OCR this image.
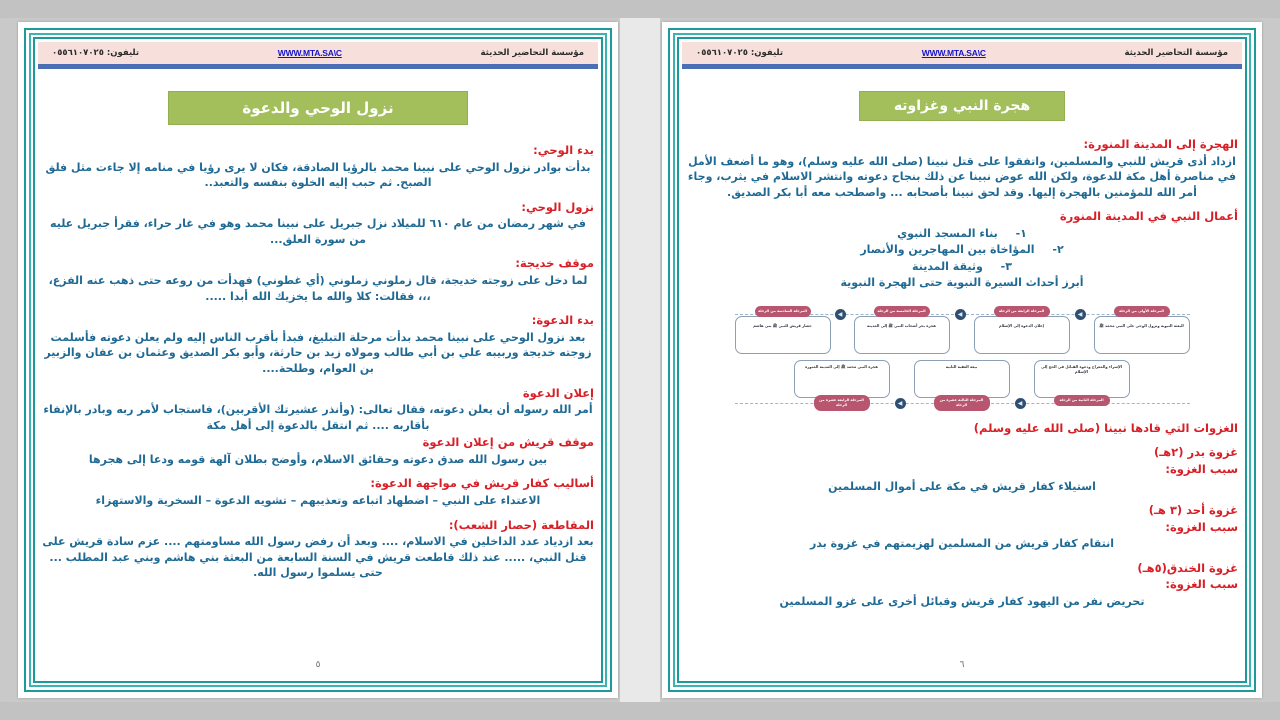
مؤسسة التحاضير الحديثة
WWW.MTA.SA\C
تليفون: ٠٥٥٦١٠٧٠٢٥
نزول الوحي والدعوة

بدء الوحي:

بدأت بوادر نزول الوحي على نبينا محمد بالرؤيا الصادقة، فكان لا يرى رؤيا في منامه إلا جاءت مثل فلق الصبح. ثم حبب إليه الخلوة بنفسه والتعبد..

نزول الوحي:

في شهر رمضان من عام ٦١٠ للميلاد نزل جبريل على نبينا محمد وهو في غار حراء، فقرأ جبريل عليه من سورة العلق...

موقف خديجة:

لما دخل على زوجته خديجة، قال زملوني زملوني (أي غطوني) فهدأت من روعه حتى ذهب عنه الفزع، ،،، فقالت: كلا والله ما يخزيك الله أبدا .....

بدء الدعوة:

بعد نزول الوحي على نبينا محمد بدأت مرحلة التبليغ، فبدأ بأقرب الناس إليه ولم يعلن دعوته فأسلمت زوجته خديجة وربيبه علي بن أبي طالب ومولاه زيد بن حارثة، وأبو بكر الصديق وعثمان بن عفان والزبير بن العوام، وطلحة....

إعلان الدعوة

أمر الله رسوله أن يعلن دعوته، فقال تعالى: (وأنذر عشيرتك الأقربين)، فاستجاب لأمر ربه وبادر بالإنفاء بأقاربه .... ثم انتقل بالدعوة إلى أهل مكة

موقف قريش من إعلان الدعوة

بين رسول الله صدق دعوته وحقائق الاسلام، وأوضح بطلان آلهة قومه ودعا إلى هجرها

أساليب كفار قريش في مواجهة الدعوة:

الاعتداء على النبي – اضطهاد اتباعه وتعذيبهم – تشويه الدعوة – السخرية والاستهزاء

المقاطعة (حصار الشعب):

بعد ازدياد عدد الداخلين في الاسلام، .... وبعد أن رفض رسول الله مساومتهم .... عزم سادة قريش على قتل النبي، ..... عند ذلك قاطعت قريش في السنة السابعة من البعثة بني هاشم وبني عبد المطلب ... حتى يسلموا رسول الله.

٥
مؤسسة التحاضير الحديثة
WWW.MTA.SA\C
تليفون: ٠٥٥٦١٠٧٠٢٥
هجرة النبي وغزاوته

الهجرة إلى المدينة المنورة:

ازداد أذى قريش للنبي والمسلمين، واتفقوا على قتل نبينا (صلى الله عليه وسلم)، وهو ما أضعف الأمل في مناصرة أهل مكة للدعوة، ولكن الله عوض نبينا عن ذلك بنجاح دعوته وانتشر الاسلام في يثرب، وجاء أمر الله للمؤمنين بالهجرة إليها. وقد لحق نبينا بأصحابه ... واصطحب معه أبا بكر الصديق.

أعمال النبي في المدينة المنورة

١- بناء المسجد النبوي
٢- المؤاخاة بين المهاجرين والأنصار
٣- وثيقة المدينة

أبرز أحداث السيرة النبوية حتى الهجرة النبوية

البعثة النبوية ونزول الوحي على النبي محمد ﷺ
إعلان الدعوة إلى الإسلام
هجرة بحر أصحاب النبي ﷺ إلى المدينة
حصار قريش للنبي ﷺ بني هاشم
المرحلة الأولى من الرحلة
المرحلة الرابعة من الرحلة
المرحلة الخامسة من الرحلة
المرحلة السادسة من الرحلة	◀
◀
◀
الإسراء والمعراج ودعوة القبائل في الحج إلى الإسلام
بيعة العقبة الثانية
هجرة النبي محمد ﷺ إلى المدينة المنورة
المرحلة الثانية من الرحلة
المرحلة الثالثة عشرة من الرحلة
المرحلة الرابعة عشرة من الرحلة	◀
◀

الغزوات التي قادها نبينا (صلى الله عليه وسلم)

غزوة بدر (٢هـ)

سبب الغزوة:

استيلاء كفار قريش في مكة على أموال المسلمين

غزوة أحد (٣ هـ)

سبب الغزوة:

انتقام كفار قريش من المسلمين لهزيمتهم في غزوة بدر

غزوة الخندق(٥هـ)

سبب الغزوة:

تحريض نفر من اليهود كفار قريش وقبائل أخرى على غزو المسلمين

٦
